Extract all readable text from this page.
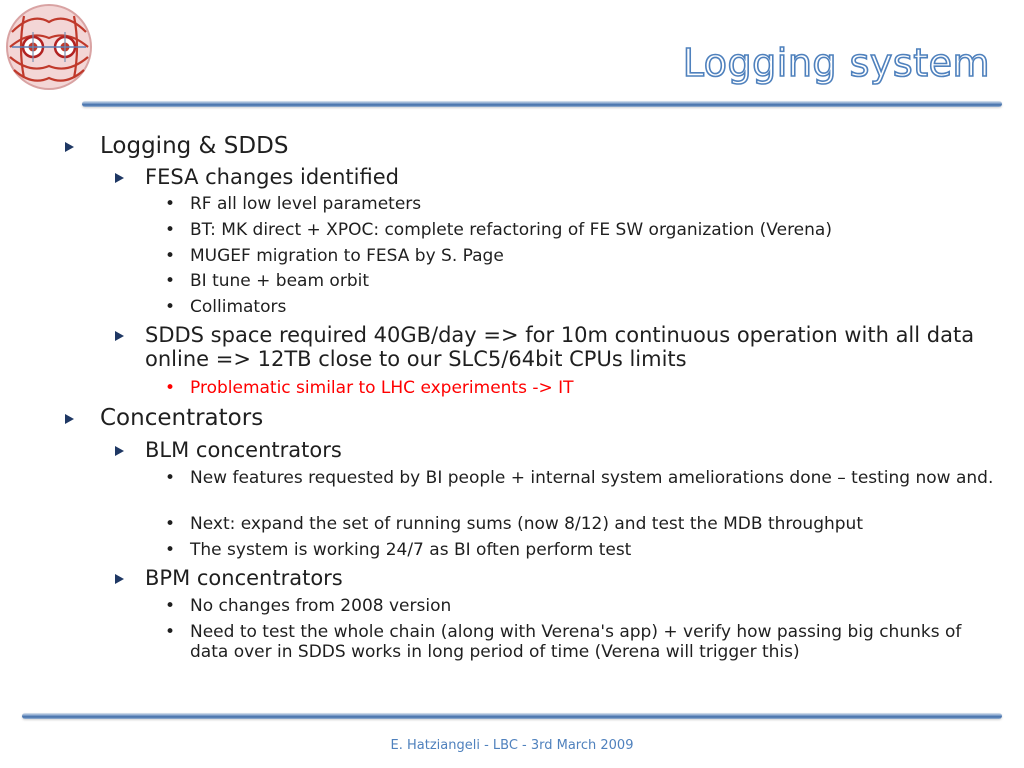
Logging system
Logging & SDDS
FESA changes identified
• RF all low level parameters
• BT: MK direct + XPOC: complete refactoring of FE SW organization (Verena)
• MUGEF migration to FESA by S. Page
• BI tune + beam orbit
• Collimators
SDDS space required 40GB/day => for 10m continuous operation with all data online => 12TB close to our SLC5/64bit CPUs limits
• Problematic similar to LHC experiments -> IT
Concentrators
BLM concentrators
• New features requested by BI people + internal system ameliorations done – testing now and.
• Next: expand the set of running sums (now 8/12) and test the MDB throughput
• The system is working 24/7 as BI often perform test
BPM concentrators
• No changes from 2008 version
• Need to test the whole chain (along with Verena's app) + verify how passing big chunks of data over in SDDS works in long period of time (Verena will trigger this)
E. Hatziangeli - LBC - 3rd March 2009
